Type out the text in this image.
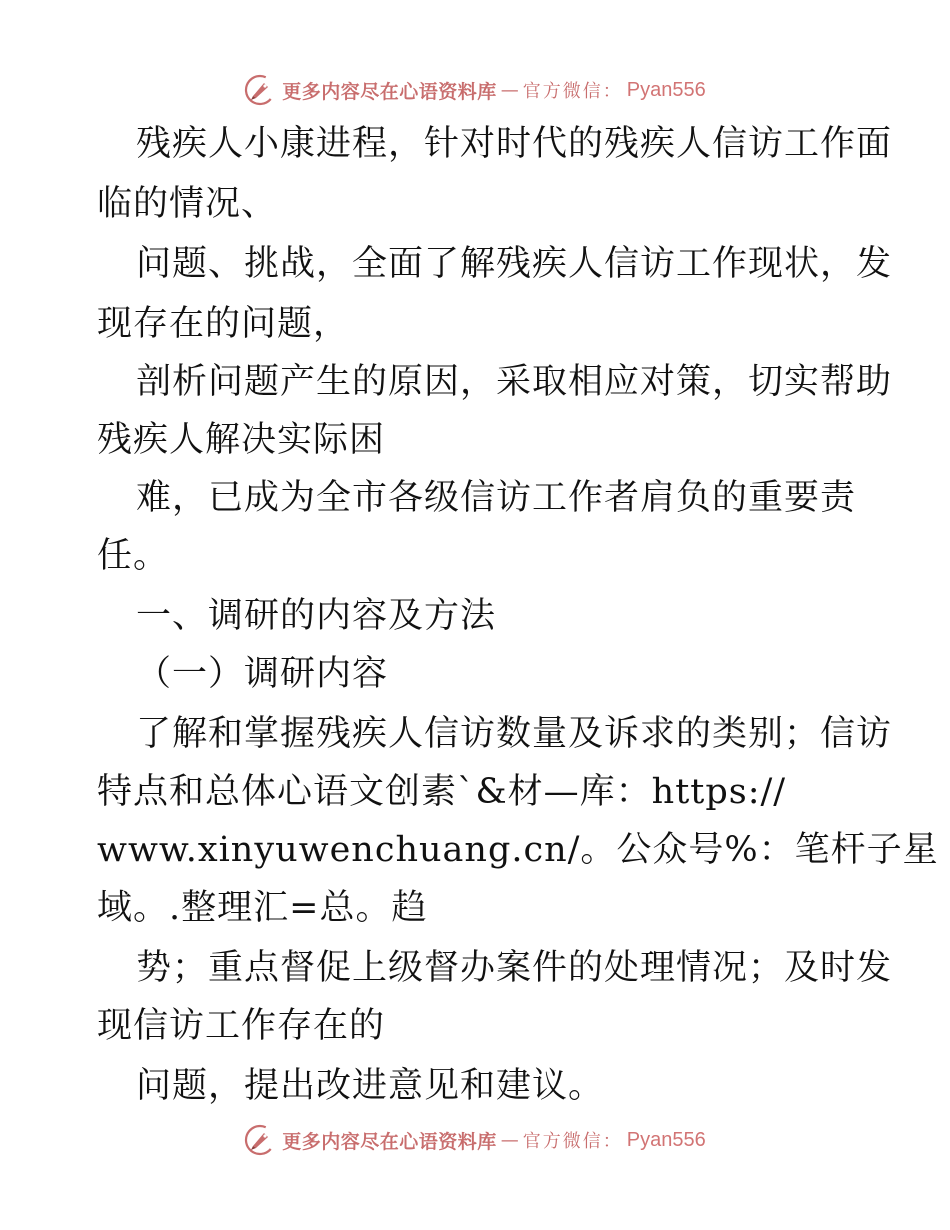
更多内容尽在心语资料库 — 官方微信： Pyan556
残疾人小康进程，针对时代的残疾人信访工作面
临的情况、
问题、挑战，全面了解残疾人信访工作现状，发
现存在的问题，
剖析问题产生的原因，采取相应对策，切实帮助
残疾人解决实际困
难，已成为全市各级信访工作者肩负的重要责
任。
一、调研的内容及方法
（一）调研内容
了解和掌握残疾人信访数量及诉求的类别；信访
特点和总体心语文创素`&材—库：https://
www.xinyuwenchuang.cn/。公众号%：笔杆子星
域。.整理汇=总。趋
势；重点督促上级督办案件的处理情况；及时发
现信访工作存在的
问题，提出改进意见和建议。
更多内容尽在心语资料库 — 官方微信： Pyan556
